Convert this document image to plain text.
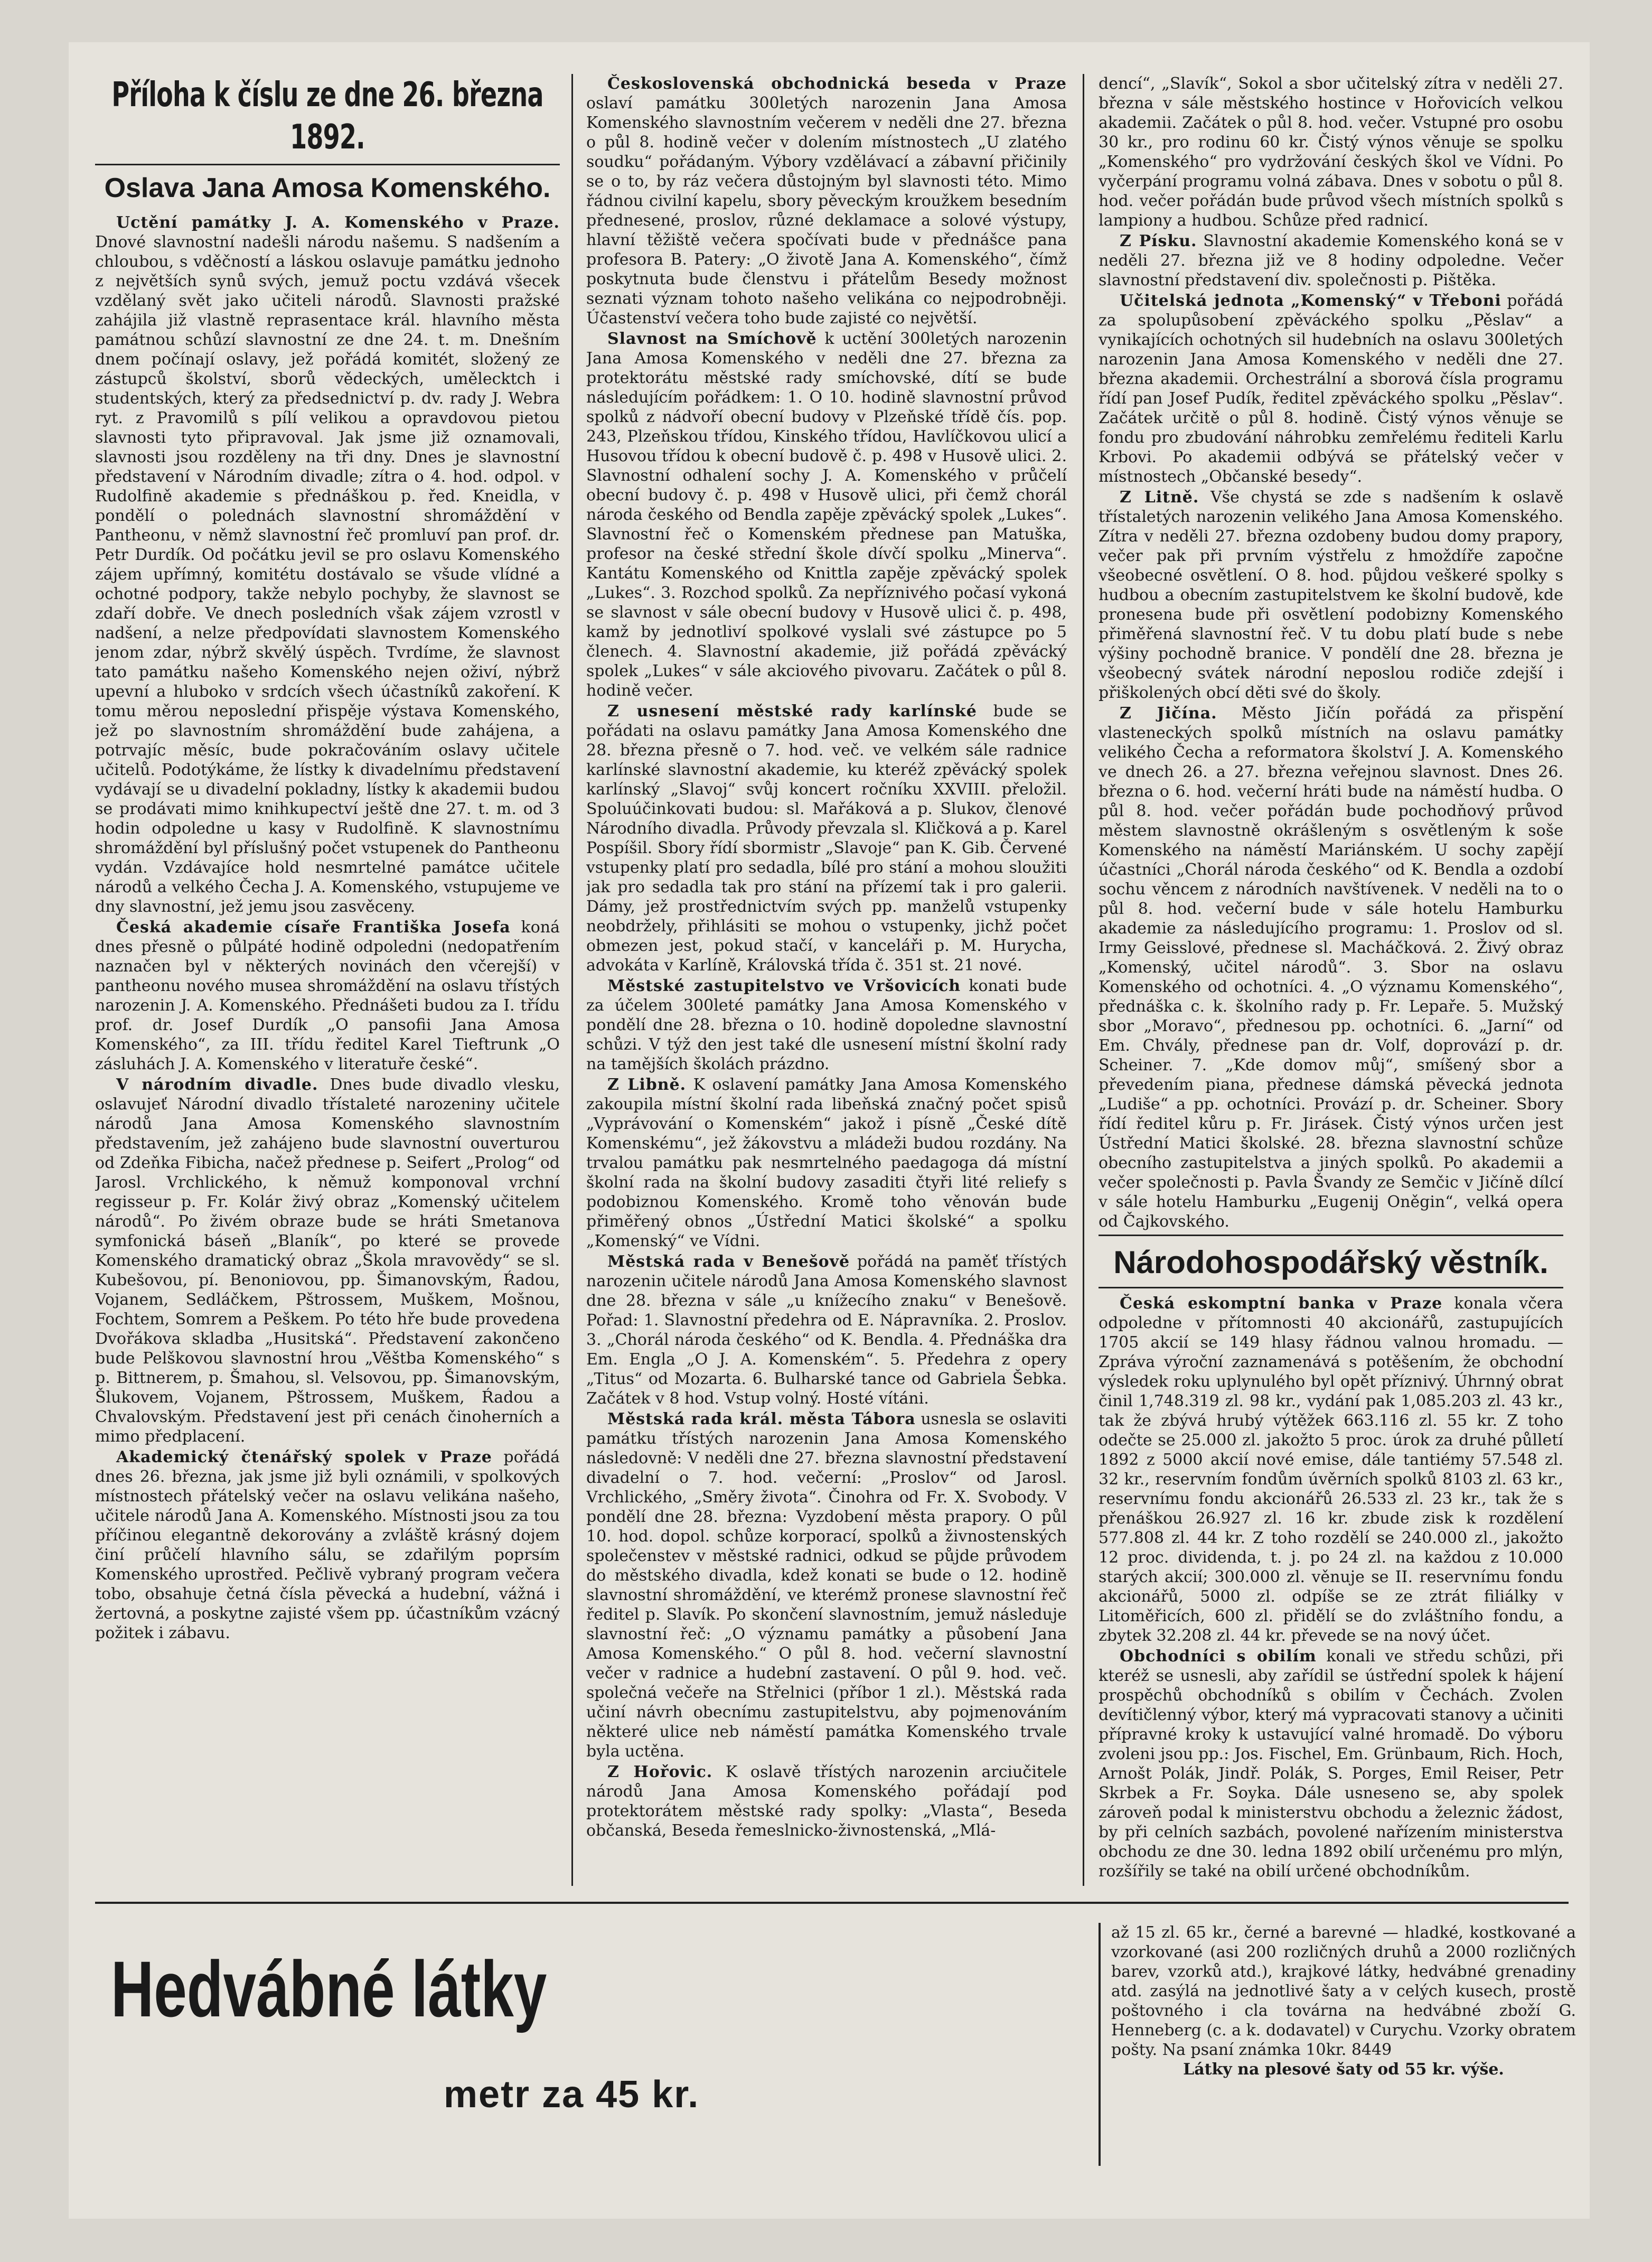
Příloha k číslu ze dne 26. března 1892.
Oslava Jana Amosa Komenského.

Uctění památky J. A. Komenského v Praze. Dnové slavnostní nadešli národu našemu. S nadšením a chloubou, s vděčností a láskou oslavuje památku jednoho z největších synů svých, jemuž poctu vzdává všecek vzdělaný svět jako učiteli národů. Slavnosti pražské zahájila již vlastně reprasentace král. hlavního města památnou schůzí slavnostní ze dne 24. t. m. Dnešním dnem počínají oslavy, jež pořádá komitét, složený ze zástupců školství, sborů vědeckých, umělecktch i studentských, který za předsednictví p. dv. rady J. Webra ryt. z Pravomilů s pílí velikou a opravdovou pietou slavnosti tyto připravoval. Jak jsme již oznamovali, slavnosti jsou rozděleny na tři dny. Dnes je slavnostní představení v Národním divadle; zítra o 4. hod. odpol. v Rudolfině akademie s přednáškou p. řed. Kneidla, v pondělí o polednách slavnostní shromáždění v Pantheonu, v němž slavnostní řeč promluví pan prof. dr. Petr Durdík. Od počátku jevil se pro oslavu Komenského zájem upřímný, komitétu dostávalo se všude vlídné a ochotné podpory, takže nebylo pochyby, že slavnost se zdaří dobře. Ve dnech posledních však zájem vzrostl v nadšení, a nelze předpovídati slavnostem Komenského jenom zdar, nýbrž skvělý úspěch. Tvrdíme, že slavnost tato památku našeho Komenského nejen oživí, nýbrž upevní a hluboko v srdcích všech účastníků zakoření. K tomu měrou neposlední přispěje výstava Komenského, jež po slavnostním shromáždění bude zahájena, a potrvajíc měsíc, bude pokračováním oslavy učitele učitelů. Podotýkáme, že lístky k divadelnímu představení vydávají se u divadelní pokladny, lístky k akademii budou se prodávati mimo knihkupectví ještě dne 27. t. m. od 3 hodin odpoledne u kasy v Rudolfině. K slavnostnímu shromáždění byl příslušný počet vstupenek do Pantheonu vydán. Vzdávajíce hold nesmrtelné památce učitele národů a velkého Čecha J. A. Komenského, vstupujeme ve dny slavnostní, jež jemu jsou zasvěceny.

Česká akademie císaře Františka Josefa koná dnes přesně o půlpáté hodině odpoledni (nedopatřením naznačen byl v některých novinách den včerejší) v pantheonu nového musea shromáždění na oslavu třístých narozenin J. A. Komenského. Přednášeti budou za I. třídu prof. dr. Josef Durdík „O pansofii Jana Amosa Komenského“, za III. třídu ředitel Karel Tieftrunk „O zásluhách J. A. Komenského v literatuře české“.

V národním divadle. Dnes bude divadlo vlesku, oslavujeť Národní divadlo třístaleté narozeniny učitele národů Jana Amosa Komenského slavnostním představením, jež zahájeno bude slavnostní ouverturou od Zdeňka Fibicha, načež přednese p. Seifert „Prolog“ od Jarosl. Vrchlického, k němuž komponoval vrchní regisseur p. Fr. Kolár živý obraz „Komenský učitelem národů“. Po živém obraze bude se hráti Smetanova symfonická báseň „Blaník“, po které se provede Komenského dramatický obraz „Škola mravovědy“ se sl. Kubešovou, pí. Benoniovou, pp. Šimanovským, Ŕadou, Vojanem, Sedláčkem, Pštrossem, Muškem, Mošnou, Fochtem, Somrem a Peškem. Po této hře bude provedena Dvořákova skladba „Husitská“. Představení zakončeno bude Pelškovou slavnostní hrou „Věštba Komenského“ s p. Bittnerem, p. Šmahou, sl. Velsovou, pp. Šimanovským, Šlukovem, Vojanem, Pštrossem, Muškem, Ŕadou a Chvalovským. Představení jest při cenách činoherních a mimo předplacení.

Akademický čtenářský spolek v Praze pořádá dnes 26. března, jak jsme již byli oznámili, v spolkových místnostech přátelský večer na oslavu velikána našeho, učitele národů Jana A. Komenského. Místnosti jsou za tou příčinou elegantně dekorovány a zvláště krásný dojem činí průčelí hlavního sálu, se zdařilým poprsím Komenského uprostřed. Pečlivě vybraný program večera tobo, obsahuje četná čísla pěvecká a hudební, vážná i žertovná, a poskytne zajisté všem pp. účastníkům vzácný požitek i zábavu.

Československá obchodnická beseda v Praze oslaví památku 300letých narozenin Jana Amosa Komenského slavnostním večerem v neděli dne 27. března o půl 8. hodině večer v dolením místnostech „U zlatého soudku“ pořádaným. Výbory vzdělávací a zábavní přičinily se o to, by ráz večera důstojným byl slavnosti této. Mimo řádnou civilní kapelu, sbory pěveckým kroužkem besedním přednesené, proslov, různé deklamace a solové výstupy, hlavní těžiště večera spočívati bude v přednášce pana profesora B. Patery: „O životě Jana A. Komenského“, čímž poskytnuta bude členstvu i přátelům Besedy možnost seznati význam tohoto našeho velikána co nejpodrobněji. Účastenství večera toho bude zajisté co největší.

Slavnost na Smíchově k uctění 300letých narozenin Jana Amosa Komenského v neděli dne 27. března za protektorátu městské rady smíchovské, dítí se bude následujícím pořádkem: 1. O 10. hodině slavnostní průvod spolků z nádvoří obecní budovy v Plzeňské třídě čís. pop. 243, Plzeňskou třídou, Kinského třídou, Havlíčkovou ulicí a Husovou třídou k obecní budově č. p. 498 v Husově ulici. 2. Slavnostní odhalení sochy J. A. Komenského v průčelí obecní budovy č. p. 498 v Husově ulici, při čemž chorál národa českého od Bendla zapěje zpěvácký spolek „Lukes“. Slavnostní řeč o Komenském přednese pan Matuška, profesor na české střední škole dívčí spolku „Minerva“. Kantátu Komenského od Knittla zapěje zpěvácký spolek „Lukes“. 3. Rozchod spolků. Za nepříznivého počasí vykoná se slavnost v sále obecní budovy v Husově ulici č. p. 498, kamž by jednotliví spolkové vyslali své zástupce po 5 členech. 4. Slavnostní akademie, již pořádá zpěvácký spolek „Lukes“ v sále akciového pivovaru. Začátek o půl 8. hodině večer.

Z usnesení městské rady karlínské bude se pořádati na oslavu památky Jana Amosa Komenského dne 28. března přesně o 7. hod. več. ve velkém sále radnice karlínské slavnostní akademie, ku kteréž zpěvácký spolek karlínský „Slavoj“ svůj koncert ročníku XXVIII. přeložil. Spoluúčinkovati budou: sl. Mařáková a p. Slukov, členové Národního divadla. Průvody převzala sl. Kličková a p. Karel Pospíšil. Sbory řídí sbormistr „Slavoje“ pan K. Gib. Červené vstupenky platí pro sedadla, bílé pro stání a mohou sloužiti jak pro sedadla tak pro stání na přízemí tak i pro galerii. Dámy, jež prostřednictvím svých pp. manželů vstupenky neobdržely, přihlásiti se mohou o vstupenky, jichž počet obmezen jest, pokud stačí, v kanceláři p. M. Hurycha, advokáta v Karlíně, Královská třída č. 351 st. 21 nové.

Městské zastupitelstvo ve Vršovicích konati bude za účelem 300leté památky Jana Amosa Komenského v pondělí dne 28. března o 10. hodině dopoledne slavnostní schůzi. V týž den jest také dle usnesení místní školní rady na tamějších školách prázdno.

Z Libně. K oslavení památky Jana Amosa Komenského zakoupila místní školní rada libeňská značný počet spisů „Vyprávování o Komenském“ jakož i písně „České dítě Komenskému“, jež žákovstvu a mládeži budou rozdány. Na trvalou památku pak nesmrtelného paedagoga dá místní školní rada na školní budovy zasaditi čtyři lité reliefy s podobiznou Komenského. Kromě toho věnován bude přiměřený obnos „Ústřední Matici školské“ a spolku „Komenský“ ve Vídni.

Městská rada v Benešově pořádá na paměť třístých narozenin učitele národů Jana Amosa Komenského slavnost dne 28. března v sále „u knížecího znaku“ v Benešově. Pořad: 1. Slavnostní předehra od E. Nápravníka. 2. Proslov. 3. „Chorál národa českého“ od K. Bendla. 4. Přednáška dra Em. Engla „O J. A. Komenském“. 5. Předehra z opery „Titus“ od Mozarta. 6. Bulharské tance od Gabriela Šebka. Začátek v 8 hod. Vstup volný. Hosté vítáni.

Městská rada král. města Tábora usnesla se oslaviti památku třístých narozenin Jana Amosa Komenského následovně: V neděli dne 27. března slavnostní představení divadelní o 7. hod. večerní: „Proslov“ od Jarosl. Vrchlického, „Směry života“. Činohra od Fr. X. Svobody. V pondělí dne 28. března: Vyzdobení města prapory. O půl 10. hod. dopol. schůze korporací, spolků a živnostenských společenstev v městské radnici, odkud se půjde průvodem do městského divadla, kdež konati se bude o 12. hodině slavnostní shromáždění, ve kterémž pronese slavnostní řeč ředitel p. Slavík. Po skončení slavnostním, jemuž následuje slavnostní řeč: „O významu památky a působení Jana Amosa Komenského.“ O půl 8. hod. večerní slavnostní večer v radnice a hudební zastavení. O půl 9. hod. več. společná večeře na Střelnici (příbor 1 zl.). Městská rada učiní návrh obecnímu zastupitelstvu, aby pojmenováním některé ulice neb náměstí památka Komenského trvale byla uctěna.

Z Hořovic. K oslavě třístých narozenin arciučitele národů Jana Amosa Komenského pořádají pod protektorátem městské rady spolky: „Vlasta“, Beseda občanská, Beseda řemeslnicko-živnostenská, „Mlá-

dencí“, „Slavík“, Sokol a sbor učitelský zítra v neděli 27. března v sále městského hostince v Hořovicích velkou akademii. Začátek o půl 8. hod. večer. Vstupné pro osobu 30 kr., pro rodinu 60 kr. Čistý výnos věnuje se spolku „Komenského“ pro vydržování českých škol ve Vídni. Po vyčerpání programu volná zábava. Dnes v sobotu o půl 8. hod. večer pořádán bude průvod všech místních spolků s lampiony a hudbou. Schůze před radnicí.

Z Písku. Slavnostní akademie Komenského koná se v neděli 27. března již ve 8 hodiny odpoledne. Večer slavnostní představení div. společnosti p. Pištěka.

Učitelská jednota „Komenský“ v Třeboni pořádá za spolupůsobení zpěváckého spolku „Pěslav“ a vynikajících ochotných sil hudebních na oslavu 300letých narozenin Jana Amosa Komenského v neděli dne 27. března akademii. Orchestrální a sborová čísla programu řídí pan Josef Pudík, ředitel zpěváckého spolku „Pěslav“. Začátek určitě o půl 8. hodině. Čistý výnos věnuje se fondu pro zbudování náhrobku zemřelému řediteli Karlu Krbovi. Po akademii odbývá se přátelský večer v místnostech „Občanské besedy“.

Z Litně. Vše chystá se zde s nadšením k oslavě třístaletých narozenin velikého Jana Amosa Komenského. Zítra v neděli 27. března ozdobeny budou domy prapory, večer pak při prvním výstřelu z hmoždíře započne všeobecné osvětlení. O 8. hod. půjdou veškeré spolky s hudbou a obecním zastupitelstvem ke školní budově, kde pronesena bude při osvětlení podobizny Komenského přiměřená slavnostní řeč. V tu dobu platí bude s nebe výšiny pochodně branice. V pondělí dne 28. března je všeobecný svátek národní neposlou rodiče zdejší i přiškolených obcí děti své do školy.

Z Jičína. Město Jičín pořádá za přispění vlasteneckých spolků místních na oslavu památky velikého Čecha a reformatora školství J. A. Komenského ve dnech 26. a 27. března veřejnou slavnost. Dnes 26. března o 6. hod. večerní hráti bude na náměstí hudba. O půl 8. hod. večer pořádán bude pochodňový průvod městem slavnostně okrášleným s osvětleným k soše Komenského na náměstí Mariánském. U sochy zapějí účastníci „Chorál národa českého“ od K. Bendla a ozdobí sochu věncem z národních navštívenek. V neděli na to o půl 8. hod. večerní bude v sále hotelu Hamburku akademie za následujícího programu: 1. Proslov od sl. Irmy Geisslové, přednese sl. Macháčková. 2. Živý obraz „Komenský, učitel národů“. 3. Sbor na oslavu Komenského od ochotníci. 4. „O významu Komenského“, přednáška c. k. školního rady p. Fr. Lepaře. 5. Mužský sbor „Moravo“, přednesou pp. ochotníci. 6. „Jarní“ od Em. Chvály, přednese pan dr. Volf, doprovází p. dr. Scheiner. 7. „Kde domov můj“, smíšený sbor a převedením piana, přednese dámská pěvecká jednota „Ludiše“ a pp. ochotníci. Provází p. dr. Scheiner. Sbory řídí ředitel kůru p. Fr. Jirásek. Čistý výnos určen jest Ústřední Matici školské. 28. března slavnostní schůze obecního zastupitelstva a jiných spolků. Po akademii a večer společnosti p. Pavla Švandy ze Semčic v Jičíně dílcí v sále hotelu Hamburku „Eugenij Oněgin“, velká opera od Čajkovského.

Národohospodářský věstník.

Česká eskomptní banka v Praze konala včera odpoledne v přítomnosti 40 akcionářů, zastupujících 1705 akcií se 149 hlasy řádnou valnou hromadu. — Zpráva výroční zaznamenává s potěšením, že obchodní výsledek roku uplynulého byl opět příznivý. Úhrnný obrat činil 1,748.319 zl. 98 kr., vydání pak 1,085.203 zl. 43 kr., tak že zbývá hrubý výtěžek 663.116 zl. 55 kr. Z toho odečte se 25.000 zl. jakožto 5 proc. úrok za druhé půlletí 1892 z 5000 akcií nové emise, dále tantiémy 57.548 zl. 32 kr., reservním fondům úvěrních spolků 8103 zl. 63 kr., reservnímu fondu akcionářů 26.533 zl. 23 kr., tak že s přenáškou 26.927 zl. 16 kr. zbude zisk k rozdělení 577.808 zl. 44 kr. Z toho rozdělí se 240.000 zl., jakožto 12 proc. dividenda, t. j. po 24 zl. na každou z 10.000 starých akcií; 300.000 zl. věnuje se II. reservnímu fondu akcionářů, 5000 zl. odpíše se ze ztrát filiálky v Litoměřicích, 600 zl. přidělí se do zvláštního fondu, a zbytek 32.208 zl. 44 kr. převede se na nový účet.

Obchodníci s obilím konali ve středu schůzi, při kteréž se usnesli, aby zařídil se ústřední spolek k hájení prospěchů obchodníků s obilím v Čechách. Zvolen devítičlenný výbor, který má vypracovati stanovy a učiniti přípravné kroky k ustavující valné hromadě. Do výboru zvoleni jsou pp.: Jos. Fischel, Em. Grünbaum, Rich. Hoch, Arnošt Polák, Jindř. Polák, S. Porges, Emil Reiser, Petr Skrbek a Fr. Soyka. Dále usneseno se, aby spolek zároveň podal k ministerstvu obchodu a železnic žádost, by při celních sazbách, povolené nařízením ministerstva obchodu ze dne 30. ledna 1892 obilí určenému pro mlýn, rozšířily se také na obilí určené obchodníkům.

Hedvábné látky
metr za 45 kr.
až 15 zl. 65 kr., černé a barevné — hladké, kostkované a vzorkované (asi 200 rozličných druhů a 2000 rozličných barev, vzorků atd.), krajkové látky, hedvábné grenadiny atd. zasýlá na jednotlivé šaty a v celých kusech, prostě poštovného i cla továrna na hedvábné zboží G. Henneberg (c. a k. dodavatel) v Curychu. Vzorky obratem pošty. Na psaní známka 10kr. 8449
Látky na plesové šaty od 55 kr. výše.
